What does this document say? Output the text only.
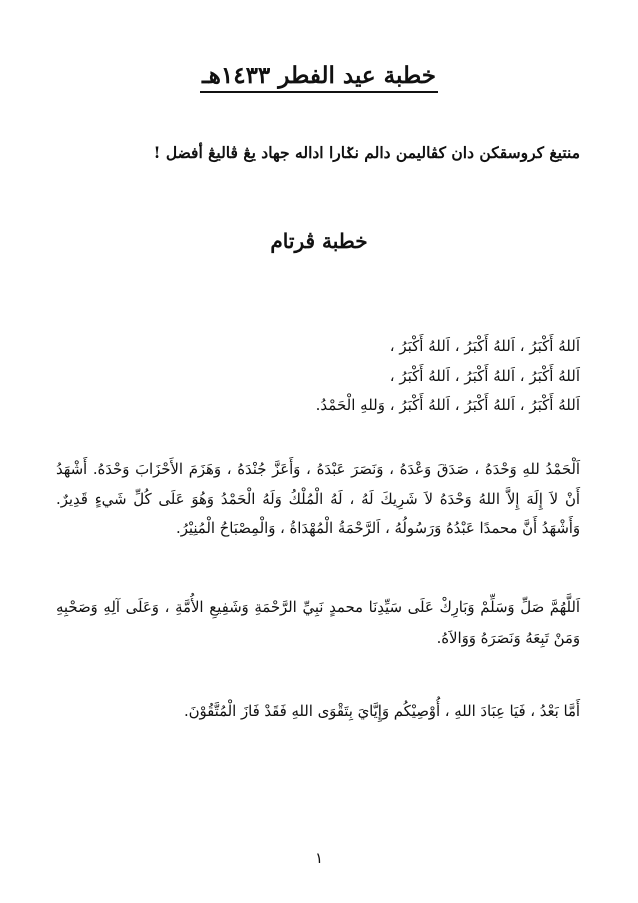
خطبة عيد الفطر ١٤٣٣هـ
منتيغ كروسقكن دان كڤاليمن دالم نݢارا اداله جهاد يڠ ڤاليڠ أفضل !
خطبة ڤرتام
اَللهُ أَكْبَرُ ، اَللهُ أَكْبَرُ ، اَللهُ أَكْبَرُ ،
اَللهُ أَكْبَرُ ، اَللهُ أَكْبَرُ ، اَللهُ أَكْبَرُ ،
اَللهُ أَكْبَرُ ، اَللهُ أَكْبَرُ ، اَللهُ أَكْبَرُ ، وَللهِ الْحَمْدُ.
اَلْحَمْدُ للهِ وَحْدَهُ ، صَدَقَ وَعْدَهُ ، وَنَصَرَ عَبْدَهُ ، وَأَعَزَّ جُنْدَهُ ، وَهَزَمَ الأَحْزَابَ وَحْدَهُ. أَشْهَدُ أَنْ لاَ إِلَهَ إِلاَّ اللهُ وَحْدَهُ لاَ شَرِيكَ لَهُ ، لَهُ الْمُلْكُ وَلَهُ الْحَمْدُ وَهُوَ عَلَى كُلِّ شَيءٍ قَدِيرٌ. وَأَشْهَدُ أَنَّ محمدًا عَبْدُهُ وَرَسُولُهُ ، اَلرَّحْمَةُ الْمُهْدَاةُ ، وَالْمِصْبَاحُ الْمُنِيْرُ.
اَللَّهُمَّ صَلِّ وَسَلِّمْ وَبَارِكْ عَلَى سَيِّدِنَا محمدٍ نَبِيِّ الرَّحْمَةِ وَشَفِيعِ الأُمَّةِ ، وَعَلَى آلِهِ وَصَحْبِهِ وَمَنْ تَبِعَهُ وَنَصَرَهُ وَوَالاَهُ.
أَمَّا بَعْدُ ، فَيَا عِبَادَ اللهِ ، أُوْصِيْكُم وَإِيَّايَ بِتَقْوَى اللهِ فَقَدْ فَازَ الْمُتَّقُوْنَ.
١
